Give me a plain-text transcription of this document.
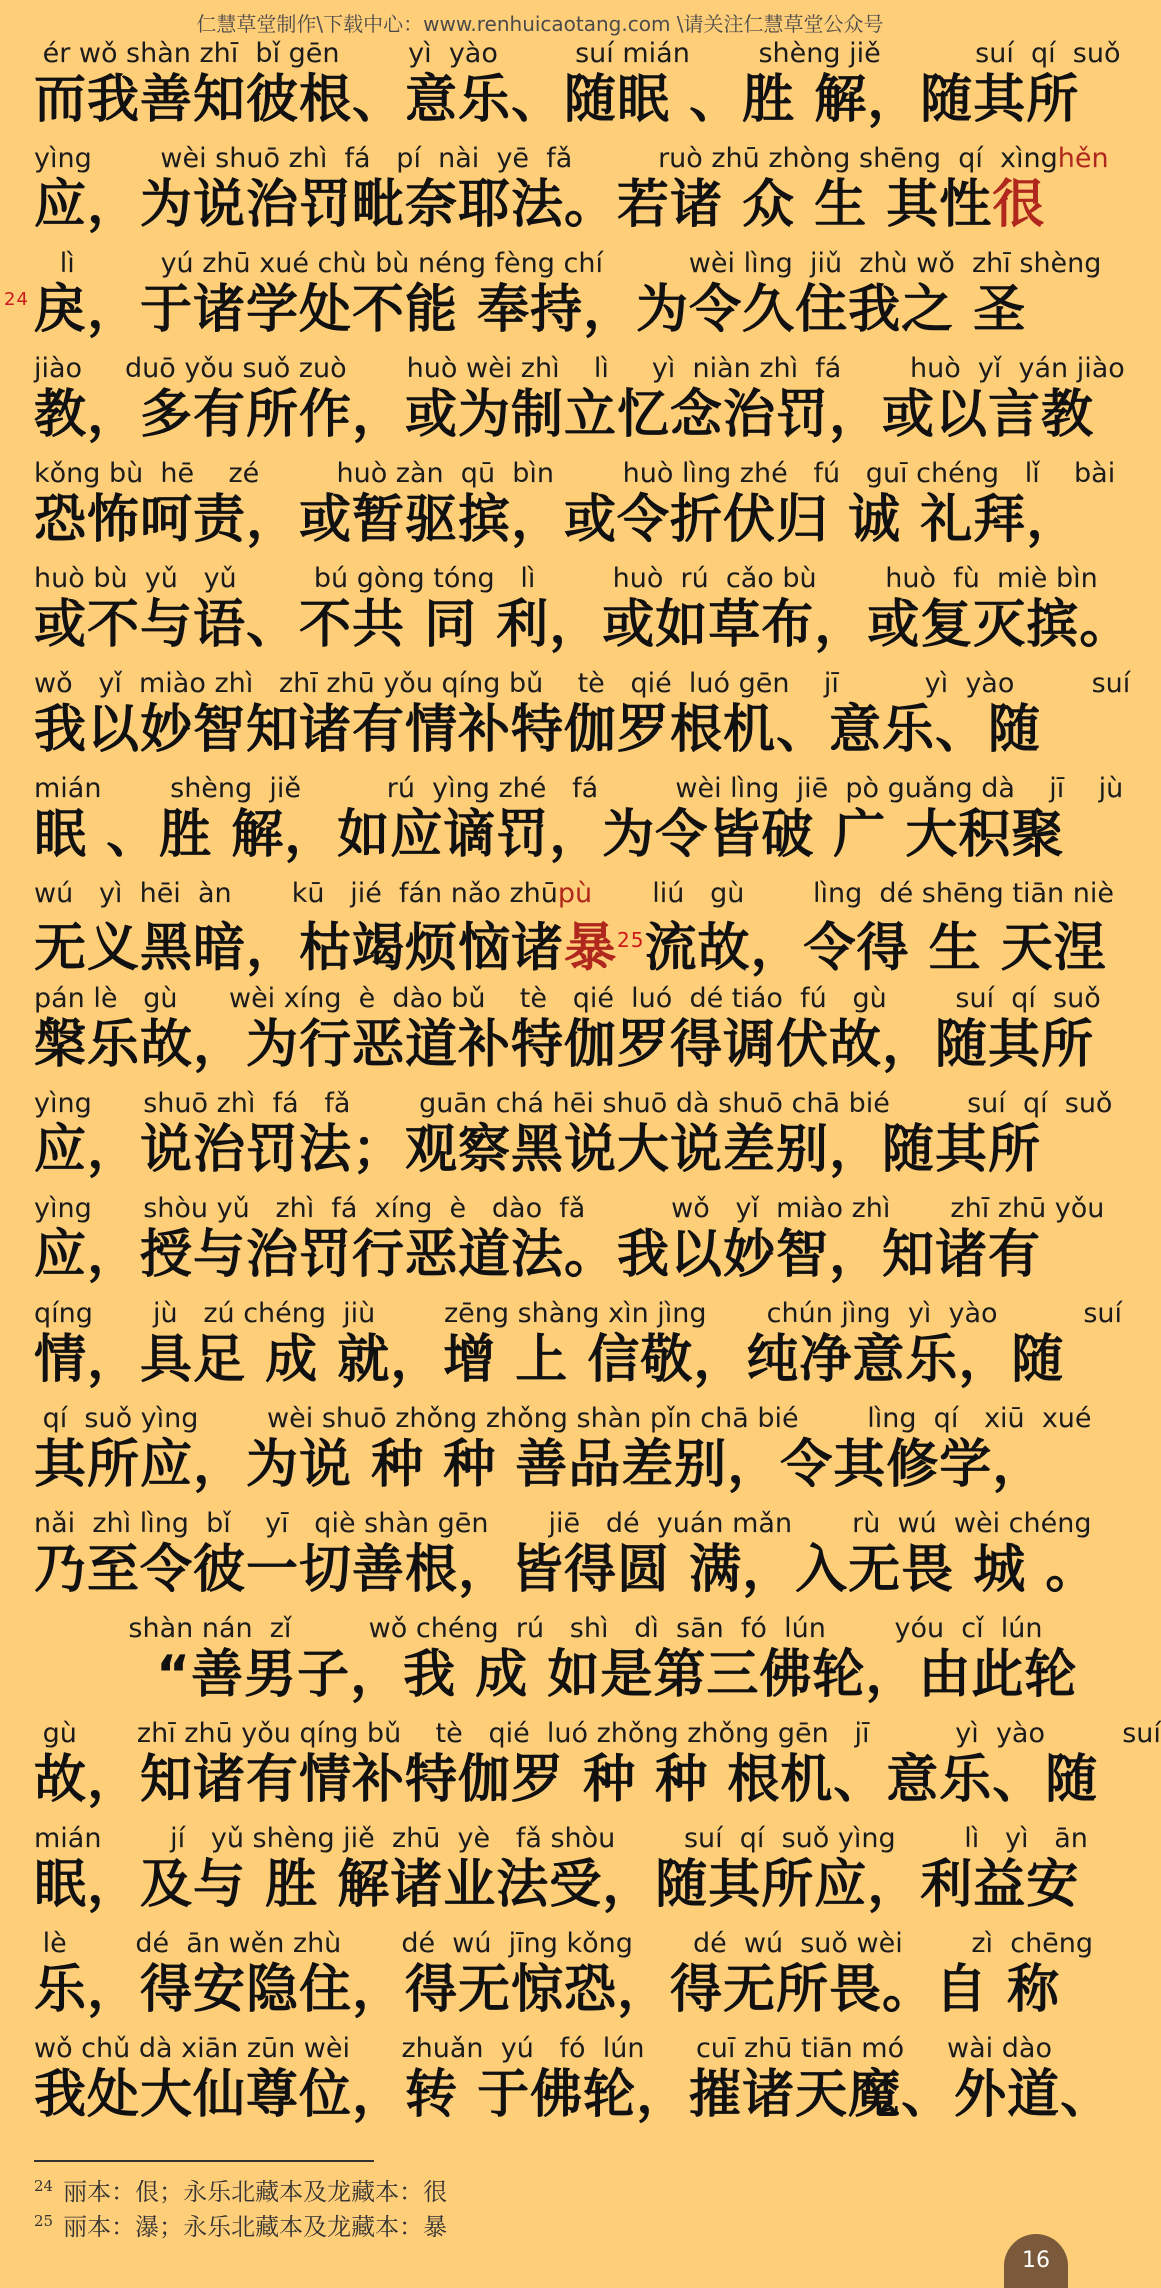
仁慧草堂制作\下载中心：www.renhuicaotang.com \请关注仁慧草堂公众号
ér wǒ shàn zhī  bǐ gēn        yì  yào         suí mián        shèng jiě           suí  qí  suǒ
而我善知彼根、意乐、随眠 、胜 解，随其所
yìng        wèi shuō zhì  fá   pí  nài  yē  fǎ          ruò zhū zhòng shēng  qí  xìnghěn
应，为说治罚毗奈耶法。若诸 众 生 其性很
lì          yú zhū xué chù bù néng fèng chí          wèi lìng  jiǔ  zhù wǒ  zhī shèng
24 戾，于诸学处不能 奉持，为令久住我之 圣
jiào     duō yǒu suǒ zuò       huò wèi zhì    lì     yì  niàn zhì  fá        huò  yǐ  yán jiào
教，多有所作，或为制立忆念治罚，或以言教
kǒng bù  hē    zé         huò zàn  qū  bìn        huò lìng zhé   fú   guī chéng   lǐ    bài
恐怖呵责，或暂驱摈，或令折伏归 诚 礼拜，
huò bù  yǔ   yǔ         bú gòng tóng   lì         huò  rú  cǎo bù        huò  fù  miè bìn
或不与语、不共 同 利，或如草布，或复灭摈。
wǒ   yǐ  miào zhì   zhī zhū yǒu qíng bǔ    tè   qié  luó gēn    jī          yì  yào         suí
我以妙智知诸有情补特伽罗根机、意乐、随
mián        shèng  jiě          rú  yìng zhé   fá         wèi lìng  jiē  pò guǎng dà    jī    jù
眠 、胜 解，如应谪罚，为令皆破 广 大积聚
wú   yì  hēi  àn       kū   jié  fán nǎo zhūpù       liú   gù        lìng  dé shēng tiān niè
无义黑暗，枯竭烦恼诸暴$^{25}$流故，令得 生 天涅
pán lè   gù      wèi xíng  è  dào bǔ    tè   qié  luó  dé tiáo  fú   gù        suí  qí  suǒ
槃乐故，为行恶道补特伽罗得调伏故，随其所
yìng      shuō zhì  fá   fǎ        guān chá hēi shuō dà shuō chā bié         suí  qí  suǒ
应，说治罚法；观察黑说大说差别，随其所
yìng      shòu yǔ   zhì  fá  xíng  è   dào  fǎ          wǒ   yǐ  miào zhì       zhī zhū yǒu
应，授与治罚行恶道法。我以妙智，知诸有
qíng       jù   zú chéng  jiù        zēng shàng xìn jìng       chún jìng  yì  yào          suí
情，具足 成 就，增 上 信敬，纯净意乐，随
qí  suǒ yìng        wèi shuō zhǒng zhǒng shàn pǐn chā bié        lìng  qí   xiū  xué
其所应，为说 种 种 善品差别，令其修学，
nǎi  zhì lìng  bǐ    yī   qiè shàn gēn       jiē   dé  yuán mǎn       rù  wú  wèi chéng
乃至令彼一切善根，皆得圆 满，入无畏 城 。
shàn nán  zǐ         wǒ chéng  rú   shì   dì  sān  fó  lún        yóu  cǐ  lún
“善男子，我 成 如是第三佛轮，由此轮
gù       zhī zhū yǒu qíng bǔ    tè   qié  luó zhǒng zhǒng gēn   jī          yì  yào         suí
故，知诸有情补特伽罗 种 种 根机、意乐、随
mián        jí   yǔ shèng jiě  zhū  yè   fǎ shòu        suí  qí  suǒ yìng        lì   yì   ān
眠，及与 胜 解诸业法受，随其所应，利益安
lè        dé  ān wěn zhù       dé  wú  jīng kǒng       dé  wú  suǒ wèi        zì  chēng
乐，得安隐住，得无惊恐，得无所畏。自 称
wǒ chǔ dà xiān zūn wèi      zhuǎn  yú   fó  lún      cuī zhū tiān mó     wài dào
我处大仙尊位，转 于佛轮，摧诸天魔、外道、
$^{24}$ 丽本：佷；永乐北藏本及龙藏本：很
$^{25}$ 丽本：瀑；永乐北藏本及龙藏本：暴
16
